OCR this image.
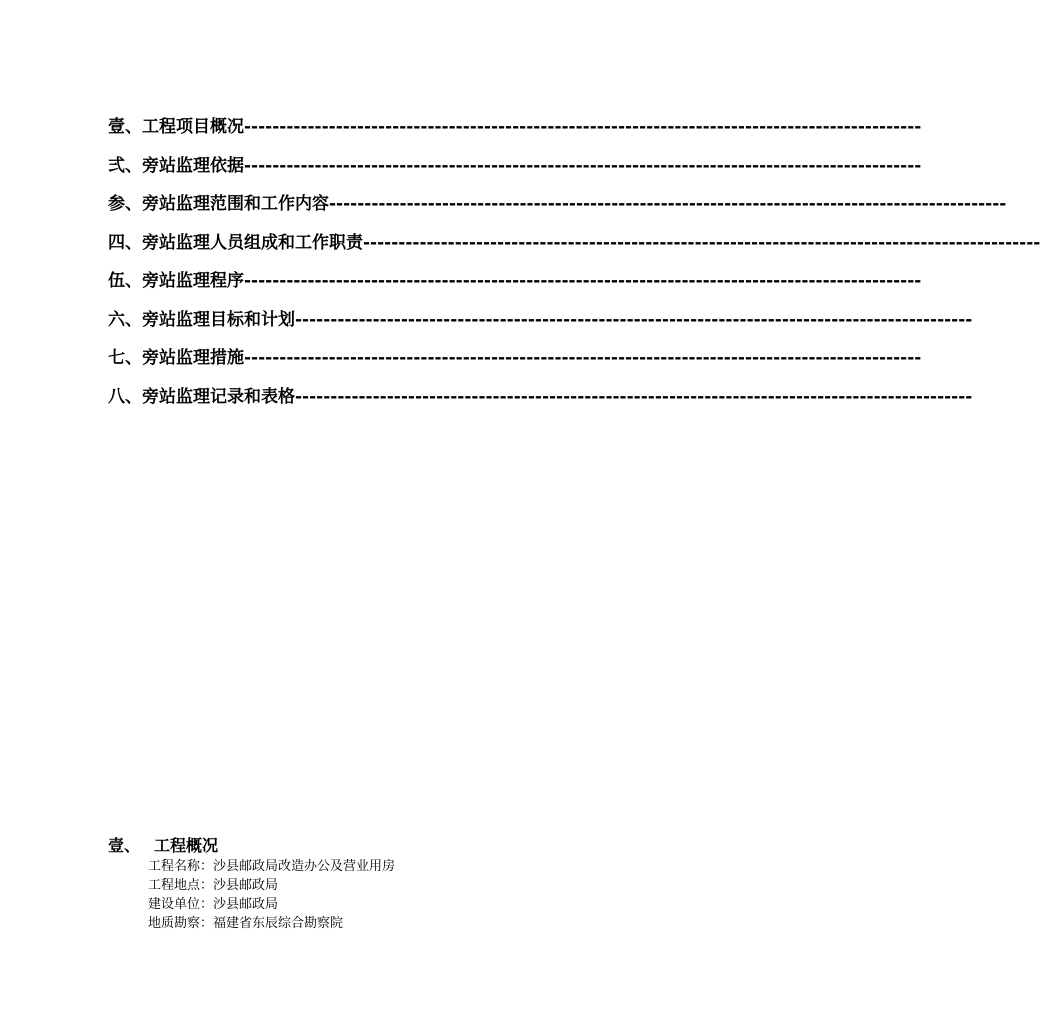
壹、 工程项目概况 ------------------------------------------------------------------------------------------------
弍、 旁站监理依据 ------------------------------------------------------------------------------------------------
参、 旁站监理范围和工作内容 ------------------------------------------------------------------------------------------------
四、 旁站监理人员组成和工作职责 ------------------------------------------------------------------------------------------------
伍、 旁站监理程序 ------------------------------------------------------------------------------------------------
六、 旁站监理目标和计划 ------------------------------------------------------------------------------------------------
七、 旁站监理措施 ------------------------------------------------------------------------------------------------
八、 旁站监理记录和表格 ------------------------------------------------------------------------------------------------
壹、 工程概况
工程名称：沙县邮政局改造办公及营业用房
工程地点：沙县邮政局
建设单位：沙县邮政局
地质勘察：福建省东辰综合勘察院
